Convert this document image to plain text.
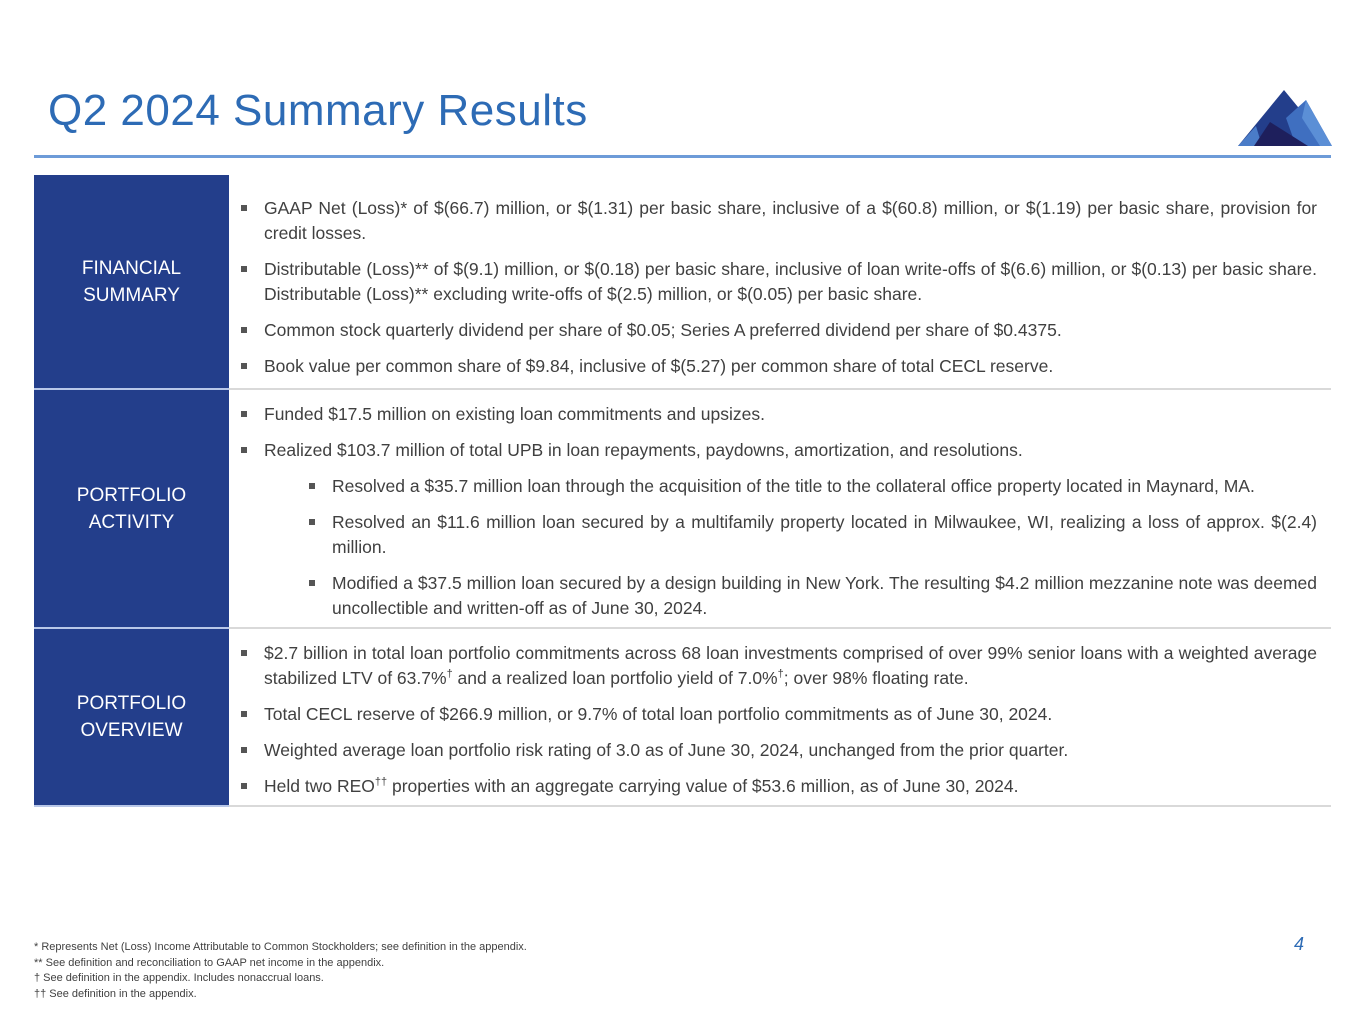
Q2 2024 Summary Results
FINANCIAL
SUMMARY
GAAP Net (Loss)* of $(66.7) million, or $(1.31) per basic share, inclusive of a $(60.8) million, or $(1.19) per basic share, provision for credit losses.
Distributable (Loss)** of $(9.1) million, or $(0.18) per basic share, inclusive of loan write-offs of $(6.6) million, or $(0.13) per basic share. Distributable (Loss)** excluding write-offs of $(2.5) million, or $(0.05) per basic share.
Common stock quarterly dividend per share of $0.05; Series A preferred dividend per share of $0.4375.
Book value per common share of $9.84, inclusive of $(5.27) per common share of total CECL reserve.
PORTFOLIO
ACTIVITY
Funded $17.5 million on existing loan commitments and upsizes.
Realized $103.7 million of total UPB in loan repayments, paydowns, amortization, and resolutions.
Resolved a $35.7 million loan through the acquisition of the title to the collateral office property located in Maynard, MA.
Resolved an $11.6 million loan secured by a multifamily property located in Milwaukee, WI, realizing a loss of approx. $(2.4) million.
Modified a $37.5 million loan secured by a design building in New York. The resulting $4.2 million mezzanine note was deemed uncollectible and written-off as of June 30, 2024.
PORTFOLIO
OVERVIEW
$2.7 billion in total loan portfolio commitments across 68 loan investments comprised of over 99% senior loans with a weighted average stabilized LTV of 63.7%† and a realized loan portfolio yield of 7.0%†; over 98% floating rate.
Total CECL reserve of $266.9 million, or 9.7% of total loan portfolio commitments as of June 30, 2024.
Weighted average loan portfolio risk rating of 3.0 as of June 30, 2024, unchanged from the prior quarter.
Held two REO†† properties with an aggregate carrying value of $53.6 million, as of June 30, 2024.
* Represents Net (Loss) Income Attributable to Common Stockholders; see definition in the appendix.
** See definition and reconciliation to GAAP net income in the appendix.
† See definition in the appendix. Includes nonaccrual loans.
†† See definition in the appendix.
4
